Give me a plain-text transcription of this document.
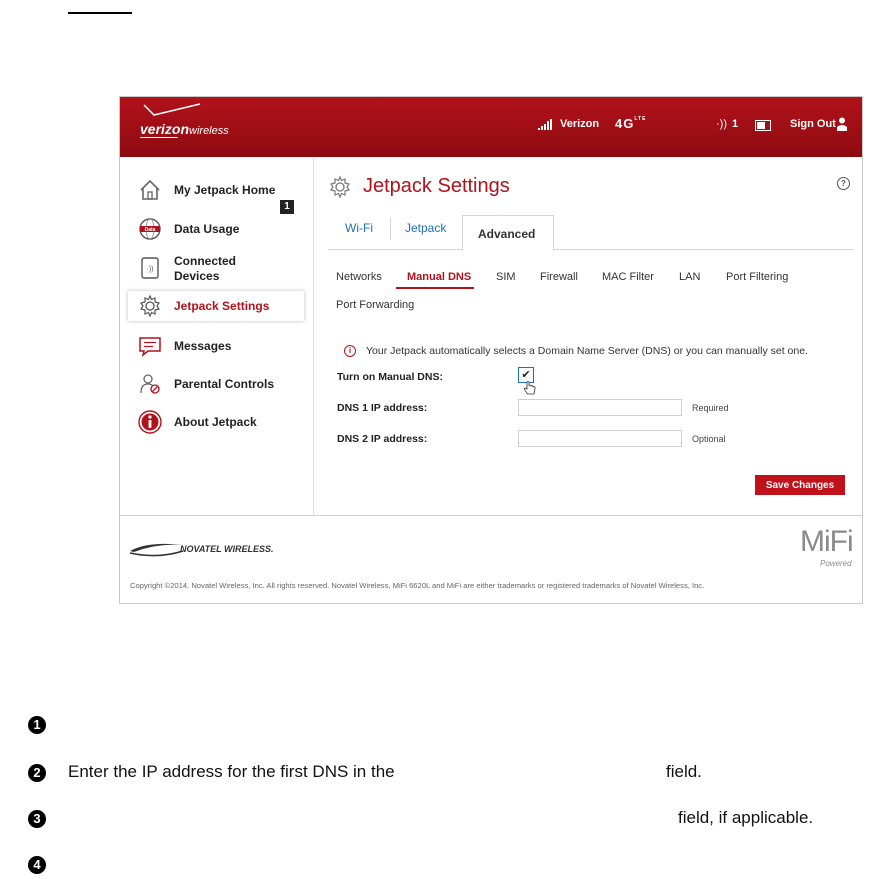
verizonwireless
Verizon $4G^{LTE}$	·)) 1	Sign Out
My Jetpack Home
Data Data Usage
·))
Connected
Devices
Jetpack Settings
Messages
Parental Controls
About Jetpack
1
Jetpack Settings	?
Wi-Fi	Jetpack	Advanced
Networks Manual DNS SIM Firewall MAC Filter LAN Port Filtering
Port Forwarding
i	Your Jetpack automatically selects a Domain Name Server (DNS) or you can manually set one.
Turn on Manual DNS:	✔
DNS 1 IP address:	Required
DNS 2 IP address:	Optional
Save Changes
NOVATEL WIRELESS.	MiFi
Powered
Copyright ©2014. Novatel Wireless, Inc. All rights reserved. Novatel Wireless, MiFi 6620L and MiFi are either trademarks or registered trademarks of Novatel Wireless, Inc.
1
2	Enter the IP address for the first DNS in the	field.
3	field, if applicable.
4
